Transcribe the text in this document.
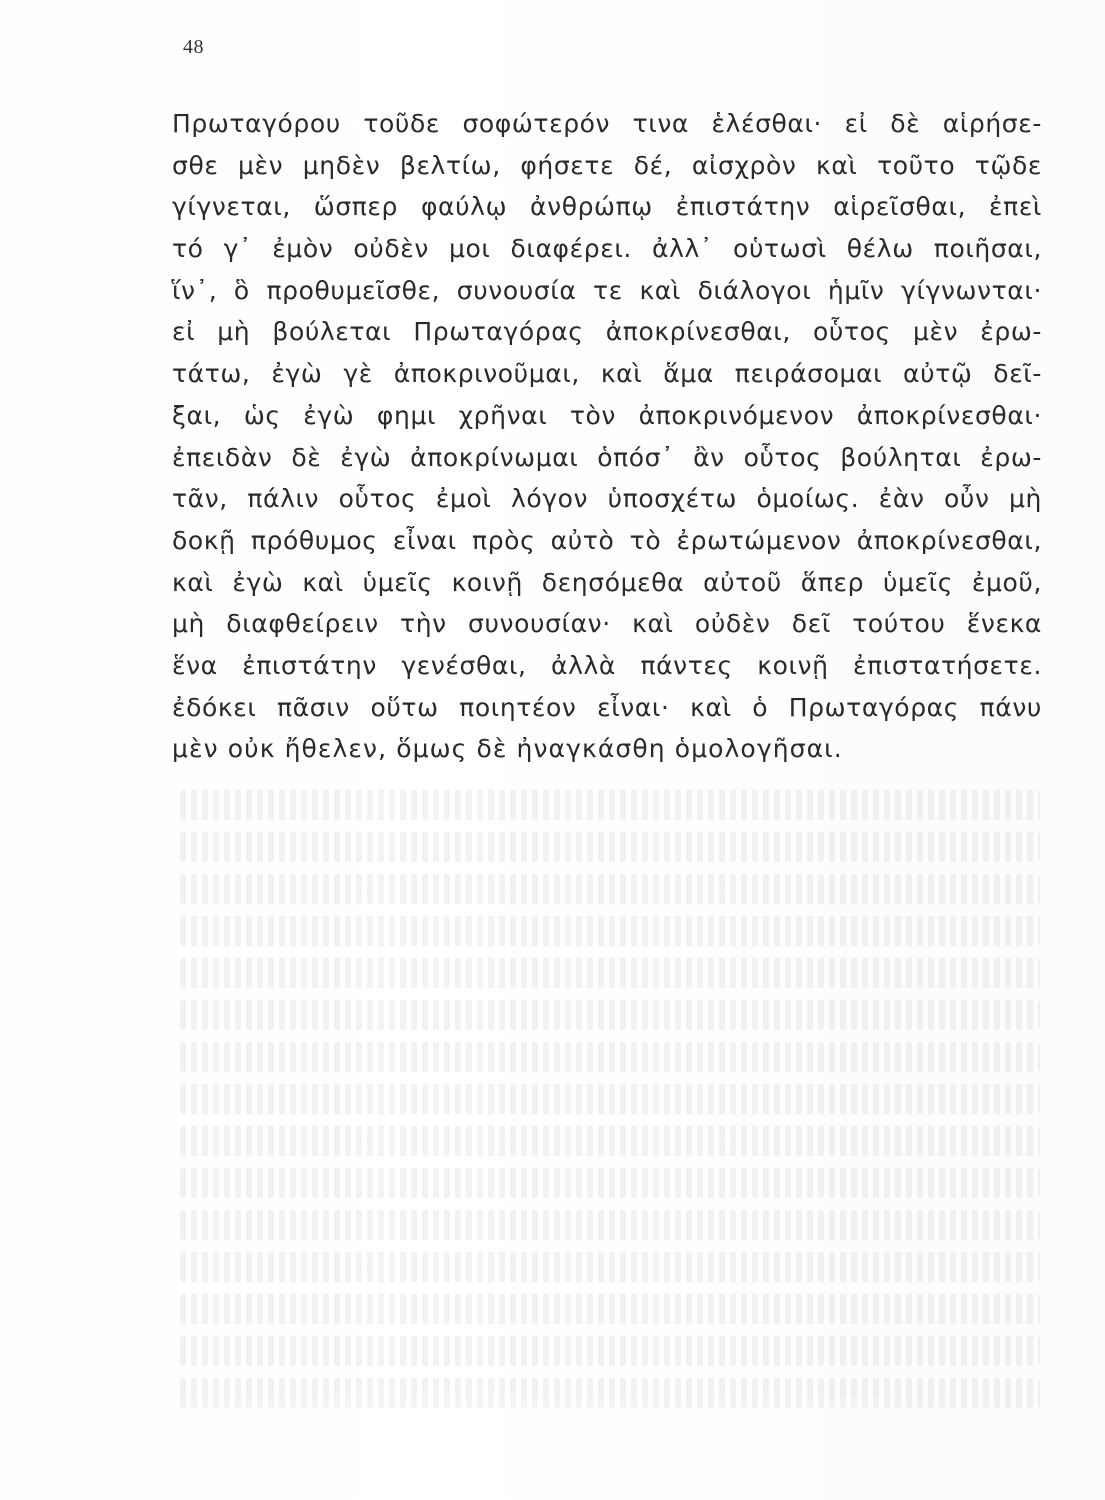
48
Πρωταγόρου τοῦδε σοφώτερόν τινα ἑλέσθαι· εἰ δὲ αἱρήσε-
σθε μὲν μηδὲν βελτίω, φήσετε δέ, αἰσχρὸν καὶ τοῦτο τῷδε
γίγνεται, ὥσπερ φαύλῳ ἀνθρώπῳ ἐπιστάτην αἱρεῖσθαι, ἐπεὶ
τό γ᾽ ἐμὸν οὐδὲν μοι διαφέρει. ἀλλ᾽ οὑτωσὶ θέλω ποιῆσαι,
ἵν᾽, ὃ προθυμεῖσθε, συνουσία τε καὶ διάλογοι ἡμῖν γίγνωνται·
εἰ μὴ βούλεται Πρωταγόρας ἀποκρίνεσθαι, οὗτος μὲν ἐρω-
τάτω, ἐγὼ γὲ ἀποκρινοῦμαι, καὶ ἅμα πειράσομαι αὐτῷ δεῖ-
ξαι, ὡς ἐγὼ φημι χρῆναι τὸν ἀποκρινόμενον ἀποκρίνεσθαι·
ἐπειδὰν δὲ ἐγὼ ἀποκρίνωμαι ὁπόσ᾽ ἂν οὗτος βούληται ἐρω-
τᾶν, πάλιν οὗτος ἐμοὶ λόγον ὑποσχέτω ὁμοίως. ἐὰν οὖν μὴ
δοκῇ πρόθυμος εἶναι πρὸς αὐτὸ τὸ ἐρωτώμενον ἀποκρίνεσθαι,
καὶ ἐγὼ καὶ ὑμεῖς κοινῇ δεησόμεθα αὐτοῦ ἅπερ ὑμεῖς ἐμοῦ,
μὴ διαφθείρειν τὴν συνουσίαν· καὶ οὐδὲν δεῖ τούτου ἕνεκα
ἕνα ἐπιστάτην γενέσθαι, ἀλλὰ πάντες κοινῇ ἐπιστατήσετε.
ἐδόκει πᾶσιν οὕτω ποιητέον εἶναι· καὶ ὁ Πρωταγόρας πάνυ
μὲν οὐκ ἤθελεν, ὅμως δὲ ἠναγκάσθη ὁμολογῆσαι.
